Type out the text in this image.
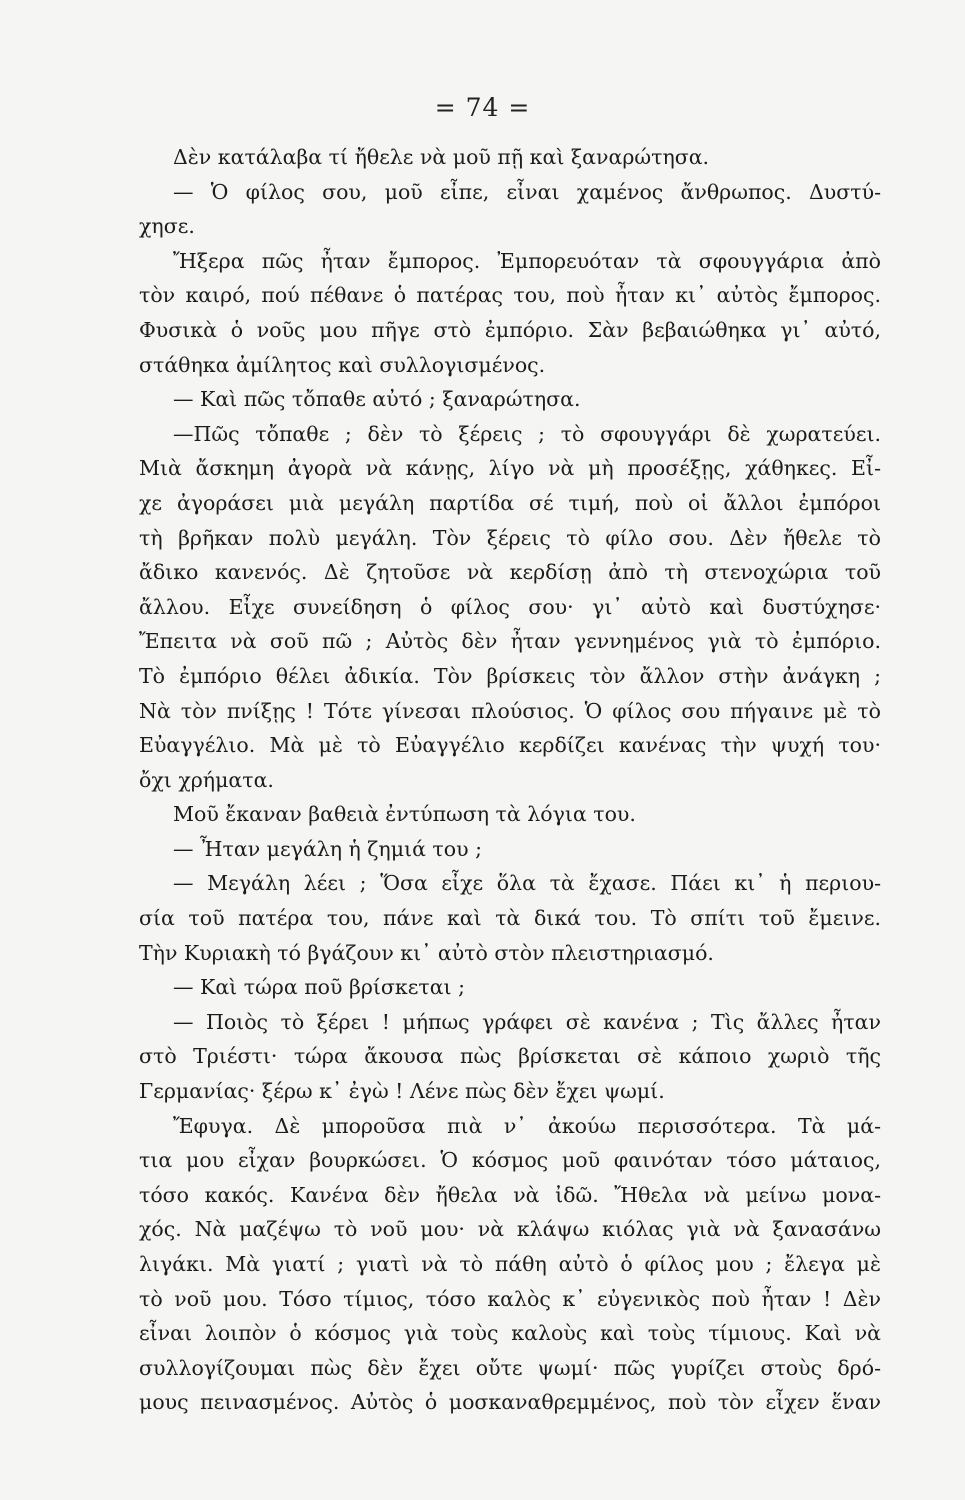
= 74 =
Δὲν κατάλαβα τί ἤθελε νὰ μοῦ πῇ καὶ ξαναρώτησα.
— Ὁ φίλος σου, μοῦ εἶπε, εἶναι χαμένος ἄνθρωπος. Δυστύ-
χησε.
Ἤξερα πῶς ἦταν ἔμπορος. Ἐμπορευόταν τὰ σφουγγάρια ἀπὸ
τὸν καιρό, πού πέθανε ὁ πατέρας του, ποὺ ἦταν κι᾽ αὐτὸς ἔμπορος.
Φυσικὰ ὁ νοῦς μου πῆγε στὸ ἐμπόριο. Σὰν βεβαιώθηκα γι᾽ αὐτό,
στάθηκα ἀμίλητος καὶ συλλογισμένος.
— Καὶ πῶς τὄπαθε αὐτό ; ξαναρώτησα.
—Πῶς τὄπαθε ; δὲν τὸ ξέρεις ; τὸ σφουγγάρι δὲ χωρατεύει.
Μιὰ ἄσκημη ἀγορὰ νὰ κάνῃς, λίγο νὰ μὴ προσέξῃς, χάθηκες. Εἶ-
χε ἀγοράσει μιὰ μεγάλη παρτίδα σέ τιμή, ποὺ οἱ ἄλλοι ἐμπόροι
τὴ βρῆκαν πολὺ μεγάλη. Τὸν ξέρεις τὸ φίλο σου. Δὲν ἤθελε τὸ
ἄδικο κανενός. Δὲ ζητοῦσε νὰ κερδίσῃ ἀπὸ τὴ στενοχώρια τοῦ
ἄλλου. Εἶχε συνείδηση ὁ φίλος σου· γι᾽ αὐτὸ καὶ δυστύχησε·
Ἔπειτα νὰ σοῦ πῶ ; Αὐτὸς δὲν ἦταν γεννημένος γιὰ τὸ ἐμπόριο.
Τὸ ἐμπόριο θέλει ἀδικία. Τὸν βρίσκεις τὸν ἄλλον στὴν ἀνάγκη ;
Νὰ τὸν πνίξῃς ! Τότε γίνεσαι πλούσιος. Ὁ φίλος σου πήγαινε μὲ τὸ
Εὐαγγέλιο. Μὰ μὲ τὸ Εὐαγγέλιο κερδίζει κανένας τὴν ψυχή του·
ὄχι χρήματα.
Μοῦ ἔκαναν βαθειὰ ἐντύπωση τὰ λόγια του.
— Ἦταν μεγάλη ἡ ζημιά του ;
— Μεγάλη λέει ; Ὅσα εἶχε ὅλα τὰ ἔχασε. Πάει κι᾽ ἡ περιου-
σία τοῦ πατέρα του, πάνε καὶ τὰ δικά του. Τὸ σπίτι τοῦ ἔμεινε.
Τὴν Κυριακὴ τό βγάζουν κι᾽ αὐτὸ στὸν πλειστηριασμό.
— Καὶ τώρα ποῦ βρίσκεται ;
— Ποιὸς τὸ ξέρει ! μήπως γράφει σὲ κανένα ; Τὶς ἄλλες ἦταν
στὸ Τριέστι· τώρα ἄκουσα πὼς βρίσκεται σὲ κάποιο χωριὸ τῆς
Γερμανίας· ξέρω κ᾽ ἐγὼ ! Λένε πὼς δὲν ἔχει ψωμί.
Ἔφυγα. Δὲ μποροῦσα πιὰ ν᾽ ἀκούω περισσότερα. Τὰ μά-
τια μου εἶχαν βουρκώσει. Ὁ κόσμος μοῦ φαινόταν τόσο μάταιος,
τόσο κακός. Κανένα δὲν ἤθελα νὰ ἰδῶ. Ἤθελα νὰ μείνω μονα-
χός. Νὰ μαζέψω τὸ νοῦ μου· νὰ κλάψω κιόλας γιὰ νὰ ξανασάνω
λιγάκι. Μὰ γιατί ; γιατὶ νὰ τὸ πάθη αὐτὸ ὁ φίλος μου ; ἔλεγα μὲ
τὸ νοῦ μου. Τόσο τίμιος, τόσο καλὸς κ᾽ εὐγενικὸς ποὺ ἦταν ! Δὲν
εἶναι λοιπὸν ὁ κόσμος γιὰ τοὺς καλοὺς καὶ τοὺς τίμιους. Καὶ νὰ
συλλογίζουμαι πὼς δὲν ἔχει οὔτε ψωμί· πῶς γυρίζει στοὺς δρό-
μους πεινασμένος. Αὐτὸς ὁ μοσκαναθρεμμένος, ποὺ τὸν εἶχεν ἕναν
